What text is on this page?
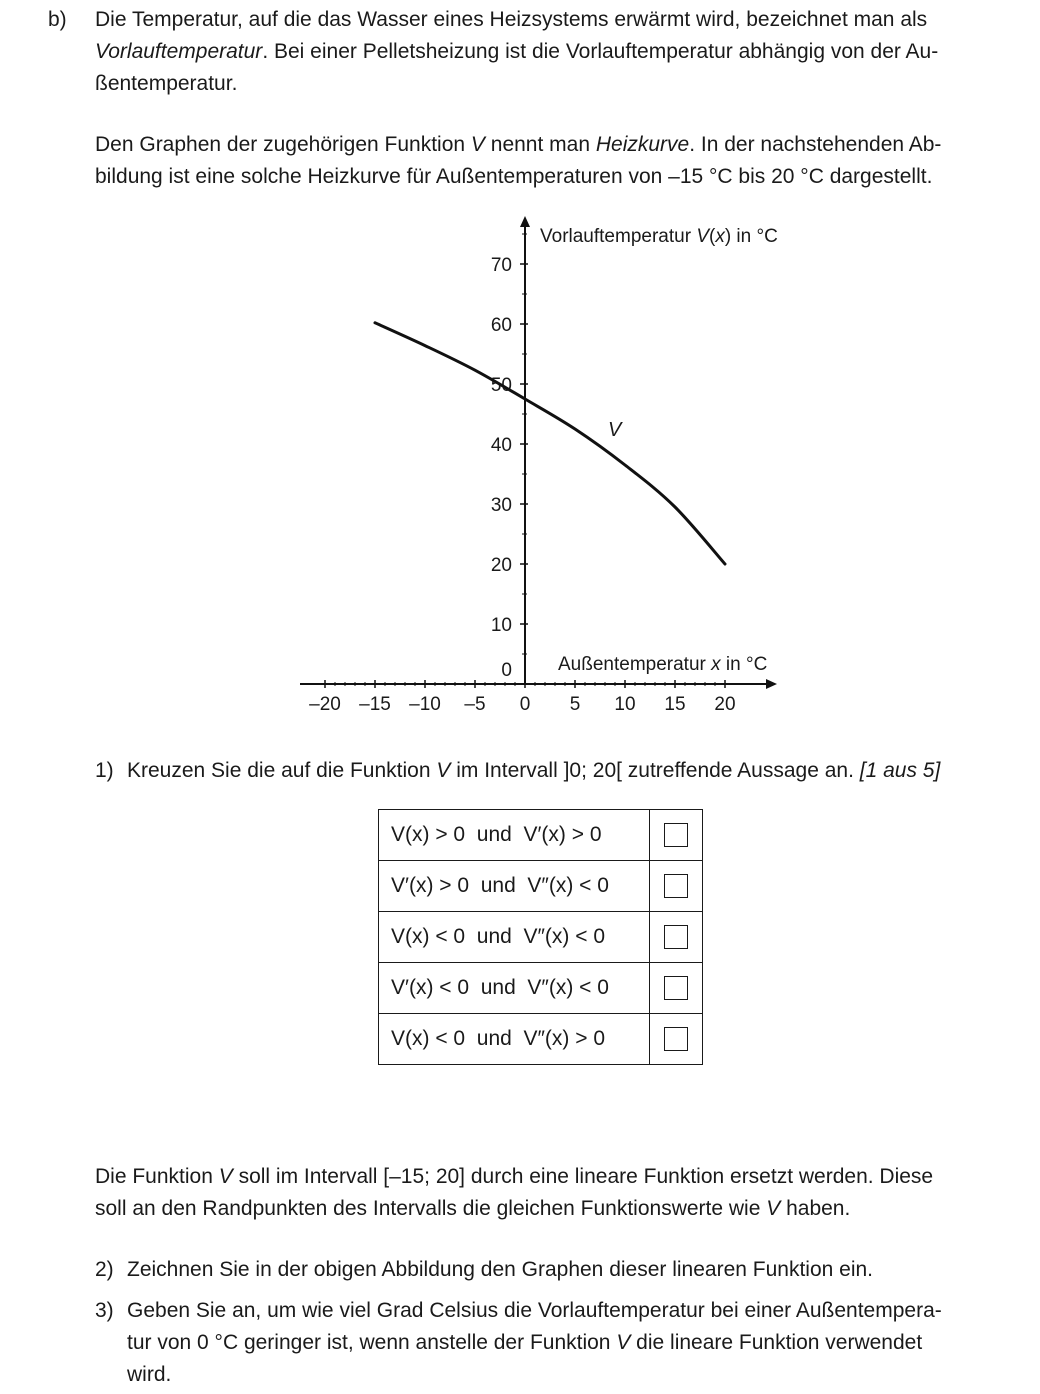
b) Die Temperatur, auf die das Wasser eines Heizsystems erwärmt wird, bezeichnet man als
Vorlauftemperatur. Bei einer Pelletsheizung ist die Vorlauftemperatur abhängig von der Au-
ßentemperatur.
Den Graphen der zugehörigen Funktion V nennt man Heizkurve. In der nachstehenden Ab-
bildung ist eine solche Heizkurve für Außentemperaturen von –15 °C bis 20 °C dargestellt.
–20 –15 –10 –5 0 5 10 15 20
10
20
30
40
50
60
70
Vorlauftemperatur V(x) in °C
Außentemperatur x in °C
V
0
1) Kreuzen Sie die auf die Funktion V im Intervall ]0; 20[ zutreffende Aussage an. [1 aus 5]
V(x) > 0  und  V′(x) > 0	
V′(x) > 0  und  V″(x) < 0	
V(x) < 0  und  V″(x) < 0	
V′(x) < 0  und  V″(x) < 0	
V(x) < 0  und  V″(x) > 0	
Die Funktion V soll im Intervall [–15; 20] durch eine lineare Funktion ersetzt werden. Diese
soll an den Randpunkten des Intervalls die gleichen Funktionswerte wie V haben.
2) Zeichnen Sie in der obigen Abbildung den Graphen dieser linearen Funktion ein.
3) Geben Sie an, um wie viel Grad Celsius die Vorlauftemperatur bei einer Außentempera-
tur von 0 °C geringer ist, wenn anstelle der Funktion V die lineare Funktion verwendet
wird.
